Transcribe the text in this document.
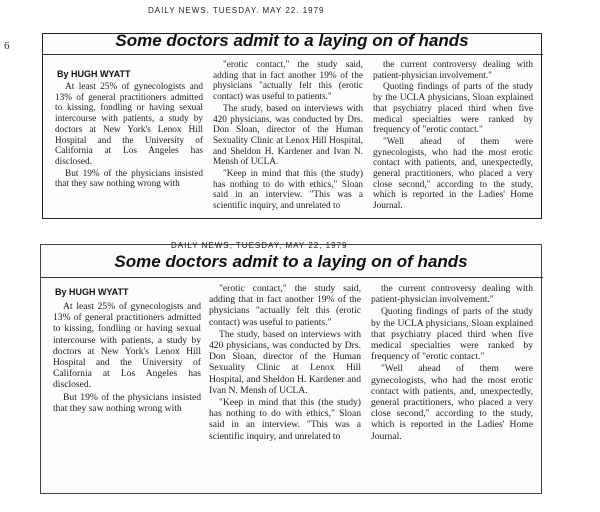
6
DAILY NEWS. TUESDAY. MAY 22. 1979
Some doctors admit to a laying on of hands
By HUGH WYATT

At least 25% of gynecologists and 13% of general practitioners admitted to kissing, fondling or having sexual intercourse with patients, a study by doctors at New York's Lenox Hill Hospital and the University of California at Los Angeles has disclosed.

But 19% of the physicians insisted that they saw nothing wrong with

"erotic contact," the study said, adding that in fact another 19% of the physicians "actually felt this (erotic contact) was useful to patients."

The study, based on interviews with 420 physicians, was conducted by Drs. Don Sloan, director of the Human Sexuality Clinic at Lenox Hill Hospital, and Sheldon H. Kardener and Ivan N. Mensh of UCLA.

"Keep in mind that this (the study) has nothing to do with ethics," Sloan said in an interview. "This was a scientific inquiry, and unrelated to

the current controversy dealing with patient-physician involvement."

Quoting findings of parts of the study by the UCLA physicians, Sloan explained that psychiatry placed third when five medical specialties were ranked by frequency of "erotic contact."

"Well ahead of them were gynecologists, who had the most erotic contact with patients, and, unexpectedly, general practitioners, who placed a very close second," according to the study, which is reported in the Ladies' Home Journal.

DAILY NEWS, TUESDAY, MAY 22, 1979
Some doctors admit to a laying on of hands
By HUGH WYATT

At least 25% of gynecologists and 13% of general practitioners admitted to kissing, fondling or having sexual intercourse with patients, a study by doctors at New York's Lenox Hill Hospital and the University of California at Los Angeles has disclosed.

But 19% of the physicians insisted that they saw nothing wrong with

"erotic contact," the study said, adding that in fact another 19% of the physicians "actually felt this (erotic contact) was useful to patients."

The study, based on interviews with 420 physicians, was conducted by Drs. Don Sloan, director of the Human Sexuality Clinic at Lenox Hill Hospital, and Sheldon H. Kardener and Ivan N. Mensh of UCLA.

"Keep in mind that this (the study) has nothing to do with ethics," Sloan said in an interview. "This was a scientific inquiry, and unrelated to

the current controversy dealing with patient-physician involvement."

Quoting findings of parts of the study by the UCLA physicians, Sloan explained that psychiatry placed third when five medical specialties were ranked by frequency of "erotic contact."

"Well ahead of them were gynecologists, who had the most erotic contact with patients, and, unexpectedly, general practitioners, who placed a very close second," according to the study, which is reported in the Ladies' Home Journal.
